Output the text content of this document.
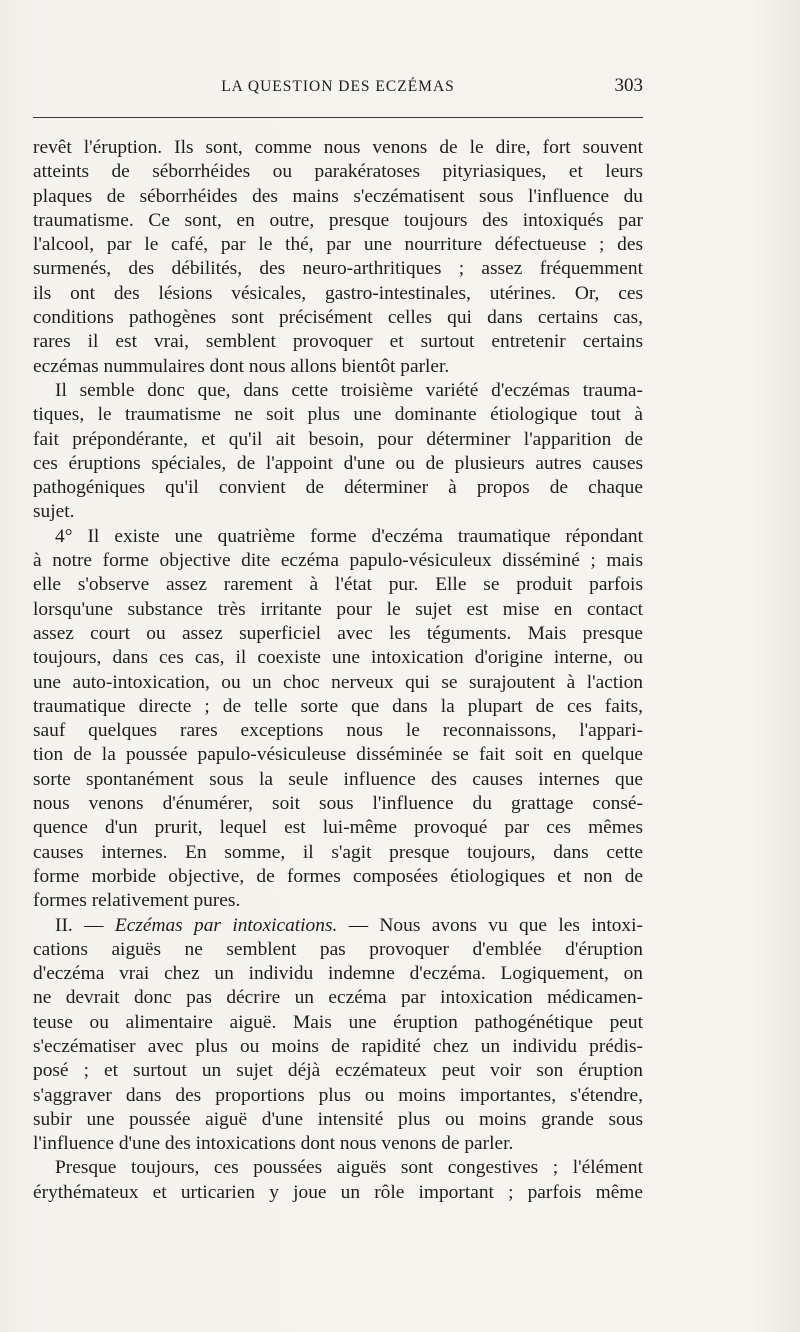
LA QUESTION DES ECZÉMAS	303
revêt l'éruption. Ils sont, comme nous venons de le dire, fort souvent
atteints de séborrhéides ou parakératoses pityriasiques, et leurs
plaques de séborrhéides des mains s'eczématisent sous l'influence du
traumatisme. Ce sont, en outre, presque toujours des intoxiqués par
l'alcool, par le café, par le thé, par une nourriture défectueuse ; des
surmenés, des débilités, des neuro-arthritiques ; assez fréquemment
ils ont des lésions vésicales, gastro-intestinales, utérines. Or, ces
conditions pathogènes sont précisément celles qui dans certains cas,
rares il est vrai, semblent provoquer et surtout entretenir certains
eczémas nummulaires dont nous allons bientôt parler.
Il semble donc que, dans cette troisième variété d'eczémas trauma-
tiques, le traumatisme ne soit plus une dominante étiologique tout à
fait prépondérante, et qu'il ait besoin, pour déterminer l'apparition de
ces éruptions spéciales, de l'appoint d'une ou de plusieurs autres causes
pathogéniques qu'il convient de déterminer à propos de chaque
sujet.
4° Il existe une quatrième forme d'eczéma traumatique répondant
à notre forme objective dite eczéma papulo-vésiculeux disséminé ; mais
elle s'observe assez rarement à l'état pur. Elle se produit parfois
lorsqu'une substance très irritante pour le sujet est mise en contact
assez court ou assez superficiel avec les téguments. Mais presque
toujours, dans ces cas, il coexiste une intoxication d'origine interne, ou
une auto-intoxication, ou un choc nerveux qui se surajoutent à l'action
traumatique directe ; de telle sorte que dans la plupart de ces faits,
sauf quelques rares exceptions nous le reconnaissons, l'appari-
tion de la poussée papulo-vésiculeuse disséminée se fait soit en quelque
sorte spontanément sous la seule influence des causes internes que
nous venons d'énumérer, soit sous l'influence du grattage consé-
quence d'un prurit, lequel est lui-même provoqué par ces mêmes
causes internes. En somme, il s'agit presque toujours, dans cette
forme morbide objective, de formes composées étiologiques et non de
formes relativement pures.
II. — Eczémas par intoxications. — Nous avons vu que les intoxi-
cations aiguës ne semblent pas provoquer d'emblée d'éruption
d'eczéma vrai chez un individu indemne d'eczéma. Logiquement, on
ne devrait donc pas décrire un eczéma par intoxication médicamen-
teuse ou alimentaire aiguë. Mais une éruption pathogénétique peut
s'eczématiser avec plus ou moins de rapidité chez un individu prédis-
posé ; et surtout un sujet déjà eczémateux peut voir son éruption
s'aggraver dans des proportions plus ou moins importantes, s'étendre,
subir une poussée aiguë d'une intensité plus ou moins grande sous
l'influence d'une des intoxications dont nous venons de parler.
Presque toujours, ces poussées aiguës sont congestives ; l'élément
érythémateux et urticarien y joue un rôle important ; parfois même
